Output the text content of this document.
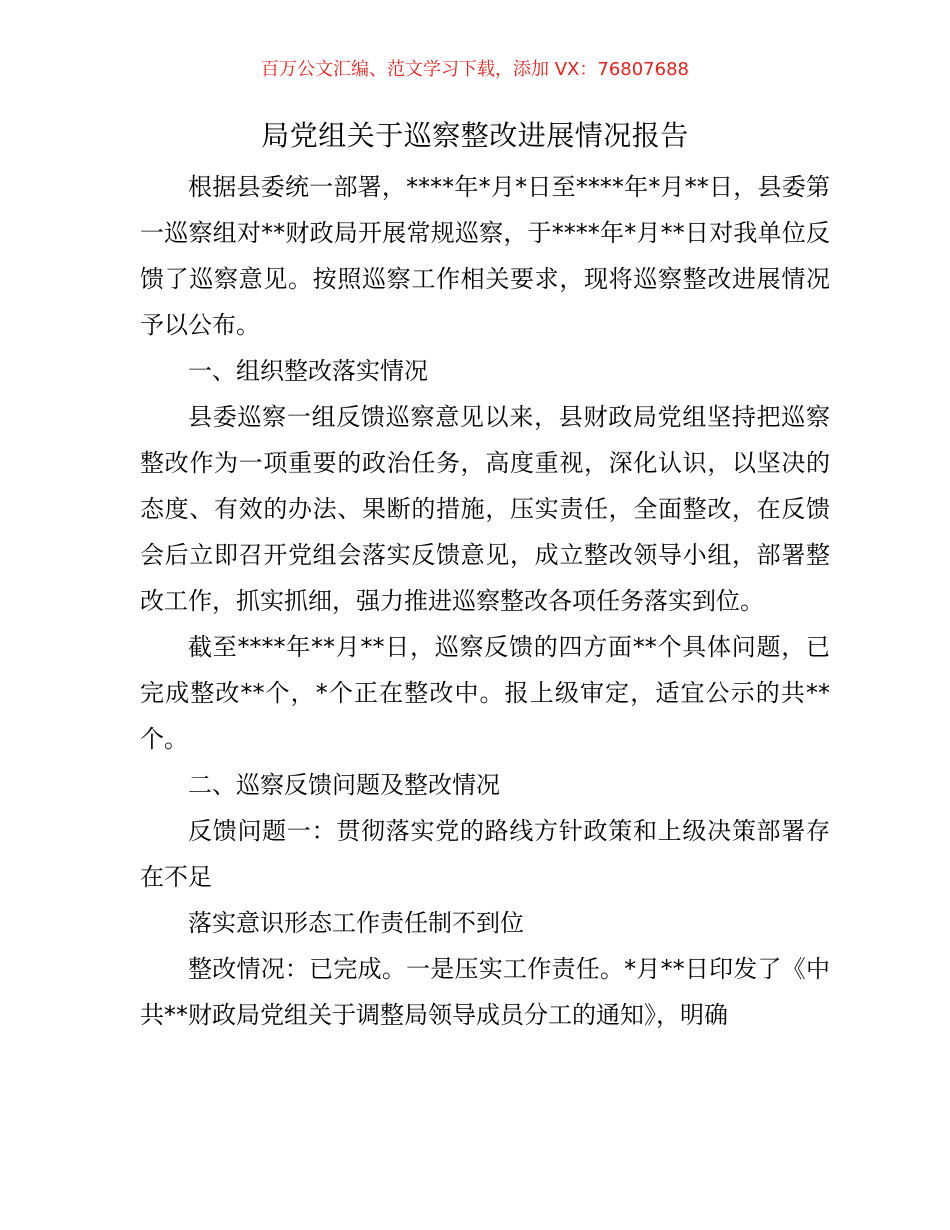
百万公文汇编、范文学习下载，添加 VX：76807688
局党组关于巡察整改进展情况报告

根据县委统一部署，****年*月*日至****年*月**日，县委第一巡察组对**财政局开展常规巡察，于****年*月**日对我单位反馈了巡察意见。按照巡察工作相关要求，现将巡察整改进展情况予以公布。

一、组织整改落实情况

县委巡察一组反馈巡察意见以来，县财政局党组坚持把巡察整改作为一项重要的政治任务，高度重视，深化认识，以坚决的态度、有效的办法、果断的措施，压实责任，全面整改，在反馈会后立即召开党组会落实反馈意见，成立整改领导小组，部署整改工作，抓实抓细，强力推进巡察整改各项任务落实到位。

截至****年**月**日，巡察反馈的四方面**个具体问题，已完成整改**个，*个正在整改中。报上级审定，适宜公示的共**个。

二、巡察反馈问题及整改情况

反馈问题一：贯彻落实党的路线方针政策和上级决策部署存在不足

落实意识形态工作责任制不到位

整改情况：已完成。一是压实工作责任。*月**日印发了《中共**财政局党组关于调整局领导成员分工的通知》，明确
